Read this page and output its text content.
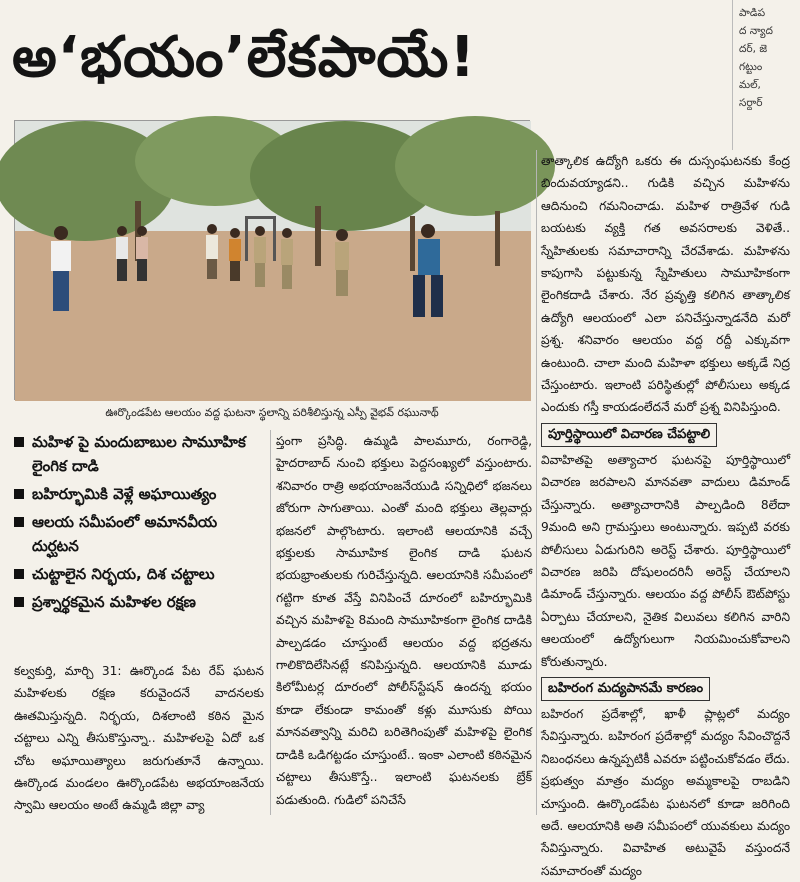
అ‘భయం’లేకపాయే!
పాడిప
ద న్యాద
దర్, జె
గట్టుం
మల్,
సర్దార్
ఊర్కొండపేట ఆలయం వద్ద ఘటనా స్థలాన్ని పరిశీలిస్తున్న ఎస్పీ వైభవ్ రఘునాథ్
మహిళ పై మందుబాబుల సామూహిక లైంగిక దాడి
బహిర్భూమికి వెళ్లే అఘాయిత్యం
ఆలయ సమీపంలో అమానవీయ దుర్ఘటన
చుట్టాలైన నిర్భయ, దిశ చట్టాలు
ప్రశ్నార్థకమైన మహిళల రక్షణ

కల్వకుర్తి, మార్చి 31: ఊర్కొండ పేట రేప్ ఘటన మహిళలకు రక్షణ కరువైందనే వాదనలకు ఊతమిస్తున్నది. నిర్భయ, దిశలాంటి కఠిన మైన చట్టాలు ఎన్ని తీసుకొస్తున్నా.. మహిళలపై ఏదో ఒక చోట అఘాయిత్యాలు జరుగుతూనే ఉన్నాయి. ఊర్కొండ మండలం ఊర్కొండపేట అభయాంజనేయ స్వామి ఆలయం అంటే ఉమ్మడి జిల్లా వ్యా

ప్తంగా ప్రసిద్ధి. ఉమ్మడి పాలమూరు, రంగారెడ్డి, హైదరాబాద్ నుంచి భక్తులు పెద్దసంఖ్యలో వస్తుంటారు. శనివారం రాత్రి అభయాంజనేయుడి సన్నిధిలో భజనలు జోరుగా సాగుతాయి. ఎంతో మంది భక్తులు తెల్లవార్లు భజనలో పాల్గొంటారు. ఇలాంటి ఆలయానికి వచ్చే భక్తులకు సామూహిక లైంగిక దాడి ఘటన భయభ్రాంతులకు గురిచేస్తున్నది. ఆలయానికి సమీపంలో గట్టిగా కూత వేస్తే వినిపించే దూరంలో బహిర్భూమికి వచ్చిన మహిళపై 8మంది సామూహికంగా లైంగిక దాడికి పాల్పడడం చూస్తుంటే ఆలయం వద్ద భద్రతను గాలికొదిలేసినట్లే కనిపిస్తున్నది. ఆలయానికి మూడు కిలోమీటర్ల దూరంలో పోలీస్‌స్టేషన్ ఉందన్న భయం కూడా లేకుండా కామంతో కళ్లు మూసుకు పోయి మానవత్వాన్ని మరిచి బరితెగింపుతో మహిళపై లైంగిక దాడికి ఒడిగట్టడం చూస్తుంటే.. ఇంకా ఎలాంటి కఠినమైన చట్టాలు తీసుకొస్తే.. ఇలాంటి ఘటనలకు బ్రేక్ పడుతుంది. గుడిలో పనిచేసే

తాత్కాలిక ఉద్యోగి ఒకరు ఈ దుస్సంఘటనకు కేంద్ర బిందువయ్యాడని.. గుడికి వచ్చిన మహిళను ఆదినుంచి గమనించాడు. మహిళ రాత్రివేళ గుడి బయటకు వ్యక్తి గత అవసరాలకు వెళితే.. స్నేహితులకు సమాచారాన్ని చేరవేశాడు. మహిళను కాపుగాసి పట్టుకున్న స్నేహితులు సామూహికంగా లైంగికదాడి చేశారు. నేర ప్రవృత్తి కలిగిన తాత్కాలిక ఉద్యోగి ఆలయంలో ఎలా పనిచేస్తున్నాడనేది మరో ప్రశ్న. శనివారం ఆలయం వద్ద రద్దీ ఎక్కువగా ఉంటుంది. చాలా మంది మహిళా భక్తులు అక్కడే నిద్ర చేస్తుంటారు. ఇలాంటి పరిస్థితుల్లో పోలీసులు అక్కడ ఎందుకు గస్తీ కాయడంలేదనే మరో ప్రశ్న వినిపిస్తుంది.

పూర్తిస్థాయిలో విచారణ చేపట్టాలి

వివాహితపై అత్యాచార ఘటనపై పూర్తిస్థాయిలో విచారణ జరపాలని మానవతా వాదులు డిమాండ్ చేస్తున్నారు. అత్యాచారానికి పాల్పడింది 8లేదా 9మంది అని గ్రామస్తులు అంటున్నారు. ఇప్పటి వరకు పోలీసులు ఏడుగురిని అరెస్ట్ చేశారు. పూర్తిస్థాయిలో విచారణ జరిపి దోషులందరినీ అరెస్ట్ చేయాలని డిమాండ్ చేస్తున్నారు. ఆలయం వద్ద పోలీస్ ఔట్‌పోస్టు ఏర్పాటు చేయాలని, నైతిక విలువలు కలిగిన వారిని ఆలయంలో ఉద్యోగులుగా నియమించుకోవాలని కోరుతున్నారు.

బహిరంగ మద్యపానమే కారణం

బహిరంగ ప్రదేశాల్లో, ఖాళీ ప్లాట్లలో మద్యం సేవిస్తున్నారు. బహిరంగ ప్రదేశాల్లో మద్యం సేవించొద్దనే నిబంధనలు ఉన్నప్పటికీ ఎవరూ పట్టించుకోవడం లేదు. ప్రభుత్వం మాత్రం మద్యం అమ్మకాలపై రాబడిని చూస్తుంది. ఊర్కొండపేట ఘటనలో కూడా జరిగింది అదే. ఆలయానికి అతి సమీపంలో యువకులు మద్యం సేవిస్తున్నారు. వివాహిత అటువైపే వస్తుందనే సమాచారంతో మద్యం
